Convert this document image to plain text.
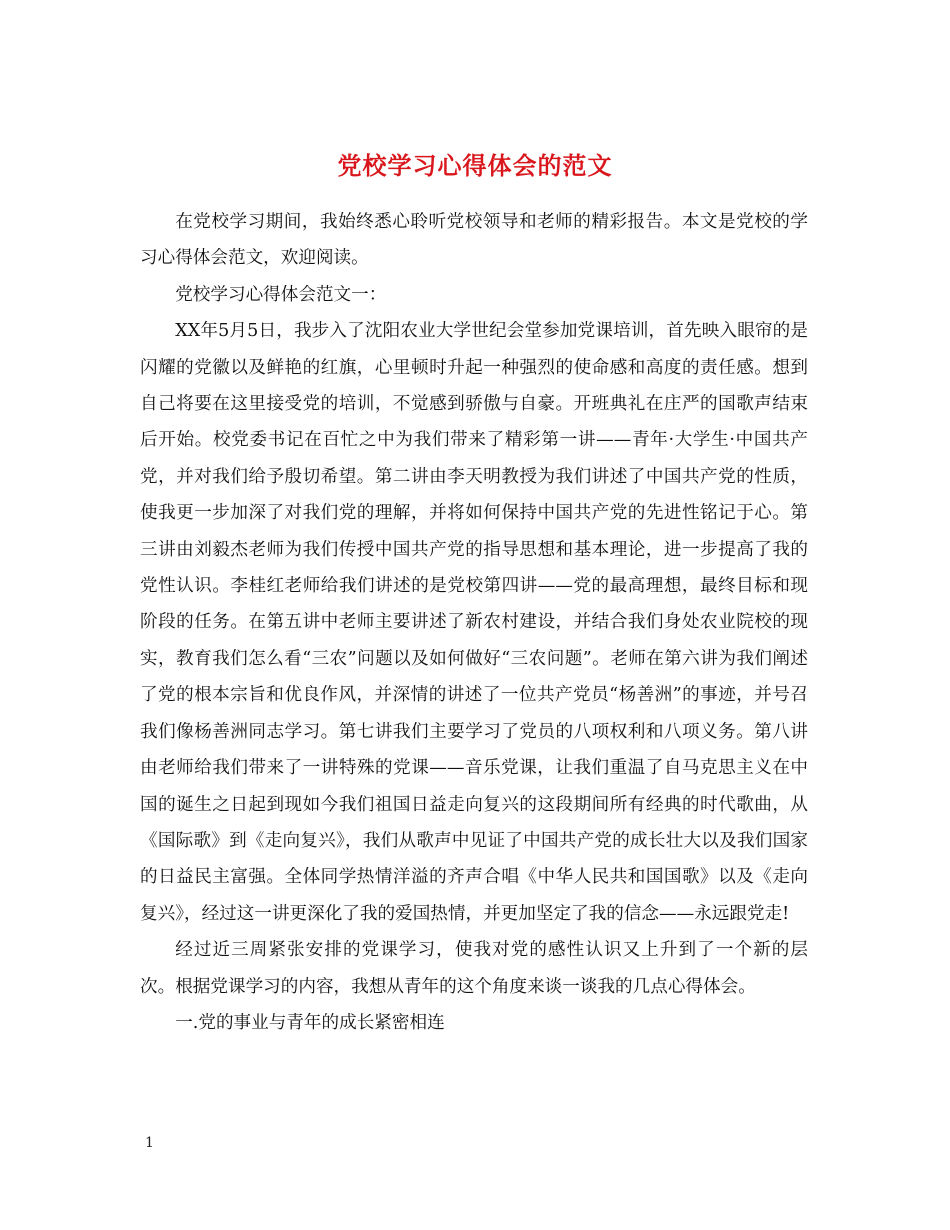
党校学习心得体会的范文

在党校学习期间，我始终悉心聆听党校领导和老师的精彩报告。本文是党校的学习心得体会范文，欢迎阅读。

党校学习心得体会范文一：

XX年5月5日，我步入了沈阳农业大学世纪会堂参加党课培训，首先映入眼帘的是闪耀的党徽以及鲜艳的红旗，心里顿时升起一种强烈的使命感和高度的责任感。想到自己将要在这里接受党的培训，不觉感到骄傲与自豪。开班典礼在庄严的国歌声结束后开始。校党委书记在百忙之中为我们带来了精彩第一讲——青年·大学生·中国共产党，并对我们给予殷切希望。第二讲由李天明教授为我们讲述了中国共产党的性质，使我更一步加深了对我们党的理解，并将如何保持中国共产党的先进性铭记于心。第三讲由刘毅杰老师为我们传授中国共产党的指导思想和基本理论，进一步提高了我的党性认识。李桂红老师给我们讲述的是党校第四讲——党的最高理想，最终目标和现阶段的任务。在第五讲中老师主要讲述了新农村建设，并结合我们身处农业院校的现实，教育我们怎么看“三农”问题以及如何做好“三农问题”。老师在第六讲为我们阐述了党的根本宗旨和优良作风，并深情的讲述了一位共产党员“杨善洲”的事迹，并号召我们像杨善洲同志学习。第七讲我们主要学习了党员的八项权利和八项义务。第八讲由老师给我们带来了一讲特殊的党课——音乐党课，让我们重温了自马克思主义在中国的诞生之日起到现如今我们祖国日益走向复兴的这段期间所有经典的时代歌曲，从《国际歌》到《走向复兴》，我们从歌声中见证了中国共产党的成长壮大以及我们国家的日益民主富强。全体同学热情洋溢的齐声合唱《中华人民共和国国歌》以及《走向复兴》，经过这一讲更深化了我的爱国热情，并更加坚定了我的信念——永远跟党走!

经过近三周紧张安排的党课学习，使我对党的感性认识又上升到了一个新的层次。根据党课学习的内容，我想从青年的这个角度来谈一谈我的几点心得体会。

一.党的事业与青年的成长紧密相连

1
